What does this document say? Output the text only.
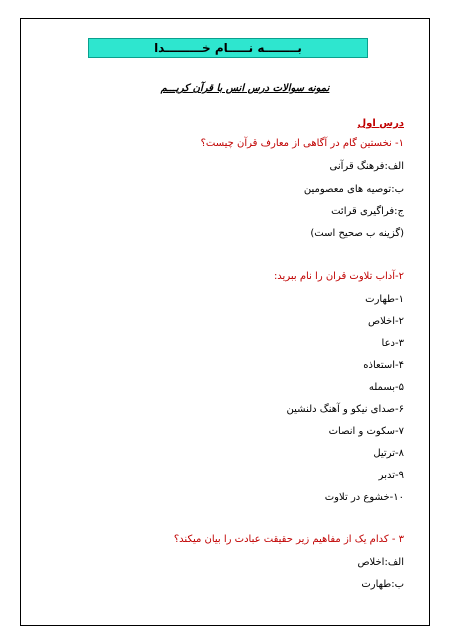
بــــــــه نـــــام خـــــــــدا
نمونه سوالات درس انس با قرآن کریـــم
درس اول
۱- نخستین گام در آگاهی از معارف قرآن چیست؟
الف:فرهنگ قرآنی
ب:توصیه های معصومین
ج:فراگیری قرائت
(گزینه ب صحیح است)
۲-آداب تلاوت قران را نام ببرید:
۱-طهارت
۲-اخلاص
۳-دعا
۴-استعاذه
۵-بسمله
۶-صدای نیکو و آهنگ دلنشین
۷-سکوت و انصات
۸-ترتیل
۹-تدبر
۱۰-خشوع در تلاوت
۳ - کدام یک از مفاهیم زیر حقیقت عبادت را بیان میکند؟
الف:اخلاص
ب:طهارت
